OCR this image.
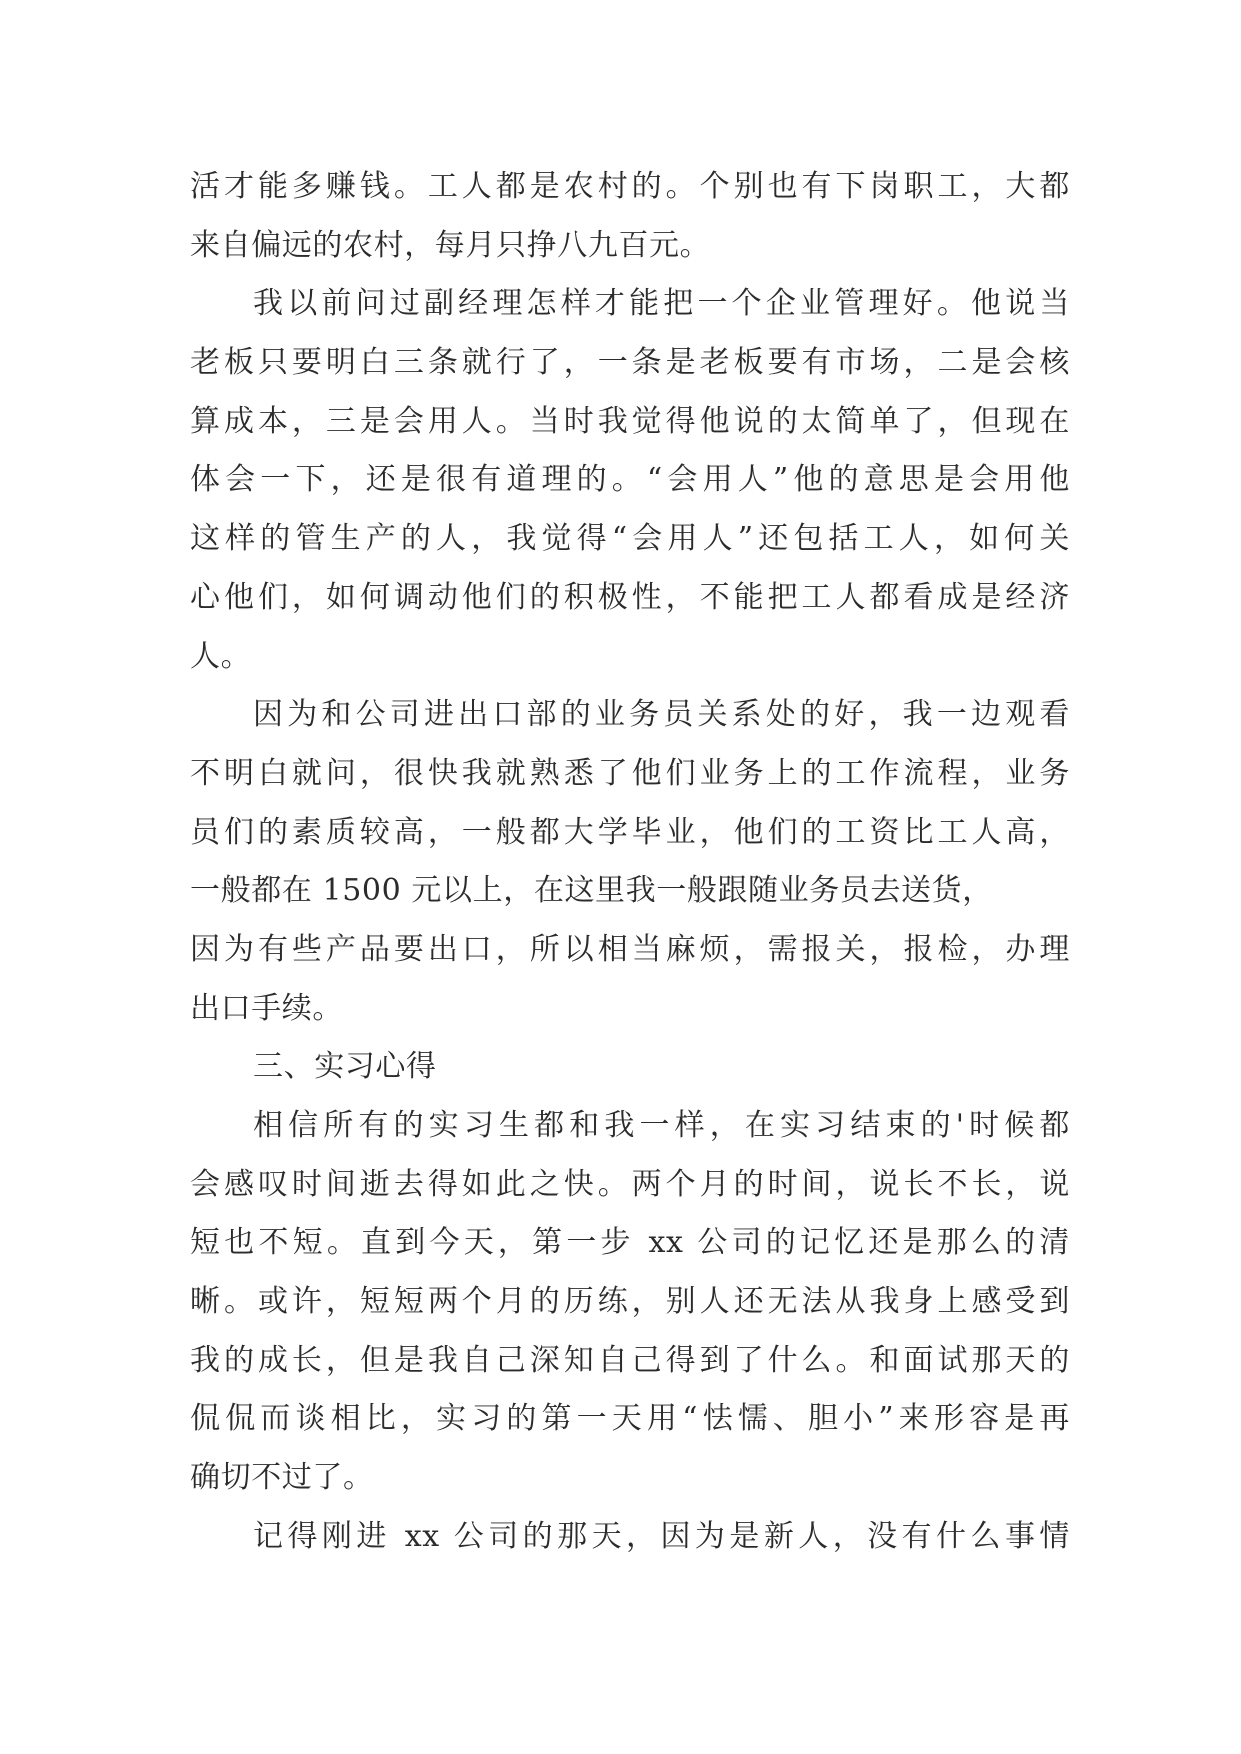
活才能多赚钱。工人都是农村的。个别也有下岗职工，大都
来自偏远的农村，每月只挣八九百元。
我以前问过副经理怎样才能把一个企业管理好。他说当
老板只要明白三条就行了，一条是老板要有市场，二是会核
算成本，三是会用人。当时我觉得他说的太简单了，但现在
体会一下，还是很有道理的。“会用人”他的意思是会用他
这样的管生产的人，我觉得“会用人”还包括工人，如何关
心他们，如何调动他们的积极性，不能把工人都看成是经济
人。
因为和公司进出口部的业务员关系处的好，我一边观看
不明白就问，很快我就熟悉了他们业务上的工作流程，业务
员们的素质较高，一般都大学毕业，他们的工资比工人高，
一般都在 1500 元以上，在这里我一般跟随业务员去送货，
因为有些产品要出口，所以相当麻烦，需报关，报检，办理
出口手续。
三、实习心得
相信所有的实习生都和我一样，在实习结束的'时候都
会感叹时间逝去得如此之快。两个月的时间，说长不长，说
短也不短。直到今天，第一步 xx 公司的记忆还是那么的清
晰。或许，短短两个月的历练，别人还无法从我身上感受到
我的成长，但是我自己深知自己得到了什么。和面试那天的
侃侃而谈相比，实习的第一天用“怯懦、胆小”来形容是再
确切不过了。
记得刚进 xx 公司的那天，因为是新人，没有什么事情
